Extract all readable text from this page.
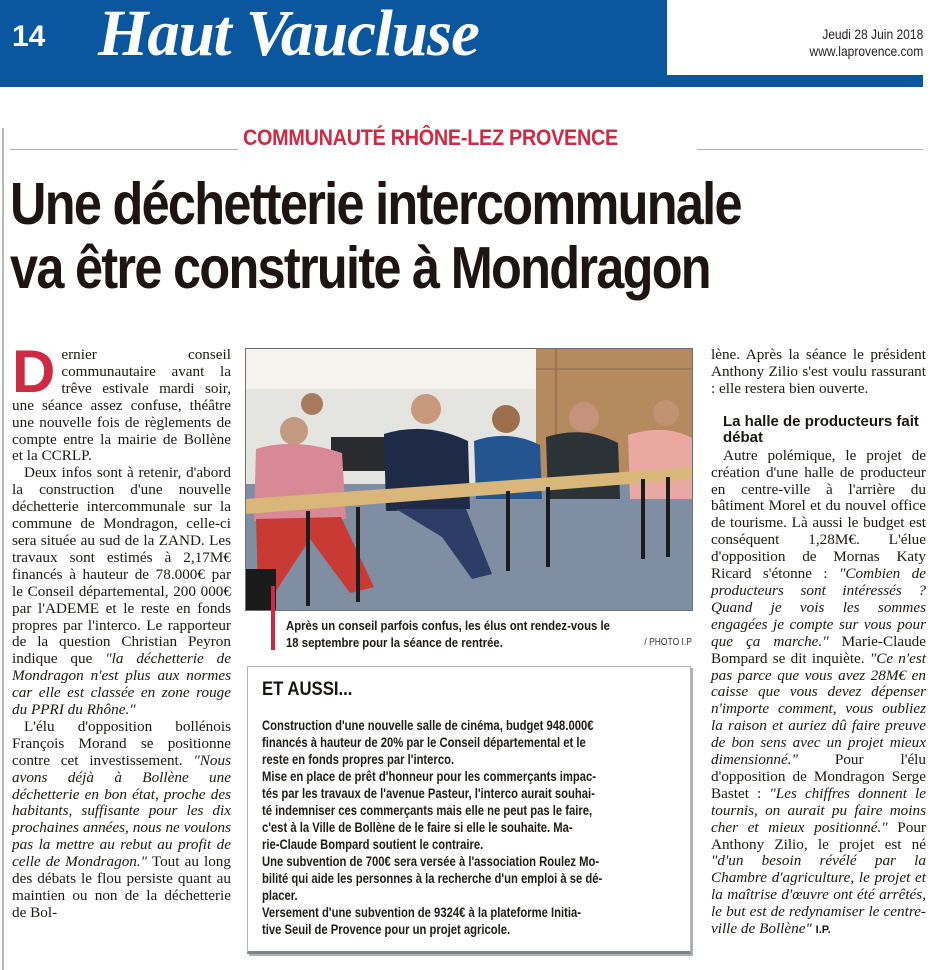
14 Haut Vaucluse	Jeudi 28 Juin 2018
www.laprovence.com
COMMUNAUTÉ RHÔNE-LEZ PROVENCE
Une déchetterie intercommunale
va être construite à Mondragon

Dernier conseil communautaire avant la trêve estivale mardi soir, une séance assez confuse, théâtre une nouvelle fois de règlements de compte entre la mairie de Bollène et la CCRLP.

Deux infos sont à retenir, d'abord la construction d'une nouvelle déchetterie intercommunale sur la commune de Mondragon, celle-ci sera située au sud de la ZAND. Les travaux sont estimés à 2,17M€ financés à hauteur de 78.000€ par le Conseil départemental, 200 000€ par l'ADEME et le reste en fonds propres par l'interco. Le rapporteur de la question Christian Peyron indique que "la déchetterie de Mondragon n'est plus aux normes car elle est classée en zone rouge du PPRI du Rhône."

L'élu d'opposition bollénois François Morand se positionne contre cet investissement. "Nous avons déjà à Bollène une déchetterie en bon état, proche des habitants, suffisante pour les dix prochaines années, nous ne voulons pas la mettre au rebut au profit de celle de Mondragon." Tout au long des débats le flou persiste quant au maintien ou non de la déchetterie de Bol-

Après un conseil parfois confus, les élus ont rendez-vous le
18 septembre pour la séance de rentrée.	/ PHOTO I.P
ET AUSSI...
Construction d'une nouvelle salle de cinéma, budget 948.000€
financés à hauteur de 20% par le Conseil départemental et le
reste en fonds propres par l'interco.
Mise en place de prêt d'honneur pour les commerçants impac-
tés par les travaux de l'avenue Pasteur, l'interco aurait souhai-
té indemniser ces commerçants mais elle ne peut pas le faire,
c'est à la Ville de Bollène de le faire si elle le souhaite. Ma-
rie-Claude Bompard soutient le contraire.
Une subvention de 700€ sera versée à l'association Roulez Mo-
bilité qui aide les personnes à la recherche d'un emploi à se dé-
placer.
Versement d'une subvention de 9324€ à la plateforme Initia-
tive Seuil de Provence pour un projet agricole.

lène. Après la séance le président Anthony Zilio s'est voulu rassurant : elle restera bien ouverte.

La halle de producteurs fait débat

Autre polémique, le projet de création d'une halle de producteur en centre-ville à l'arrière du bâtiment Morel et du nouvel office de tourisme. Là aussi le budget est conséquent 1,28M€. L'élue d'opposition de Mornas Katy Ricard s'étonne : "Combien de producteurs sont intéressés ? Quand je vois les sommes engagées je compte sur vous pour que ça marche." Marie-Claude Bompard se dit inquiète. "Ce n'est pas parce que vous avez 28M€ en caisse que vous devez dépenser n'importe comment, vous oubliez la raison et auriez dû faire preuve de bon sens avec un projet mieux dimensionné." Pour l'élu d'opposition de Mondragon Serge Bastet : "Les chiffres donnent le tournis, on aurait pu faire moins cher et mieux positionné." Pour Anthony Zilio, le projet est né "d'un besoin révélé par la Chambre d'agriculture, le projet et la maîtrise d'œuvre ont été arrêtés, le but est de redynamiser le centre-ville de Bollène" I.P.
